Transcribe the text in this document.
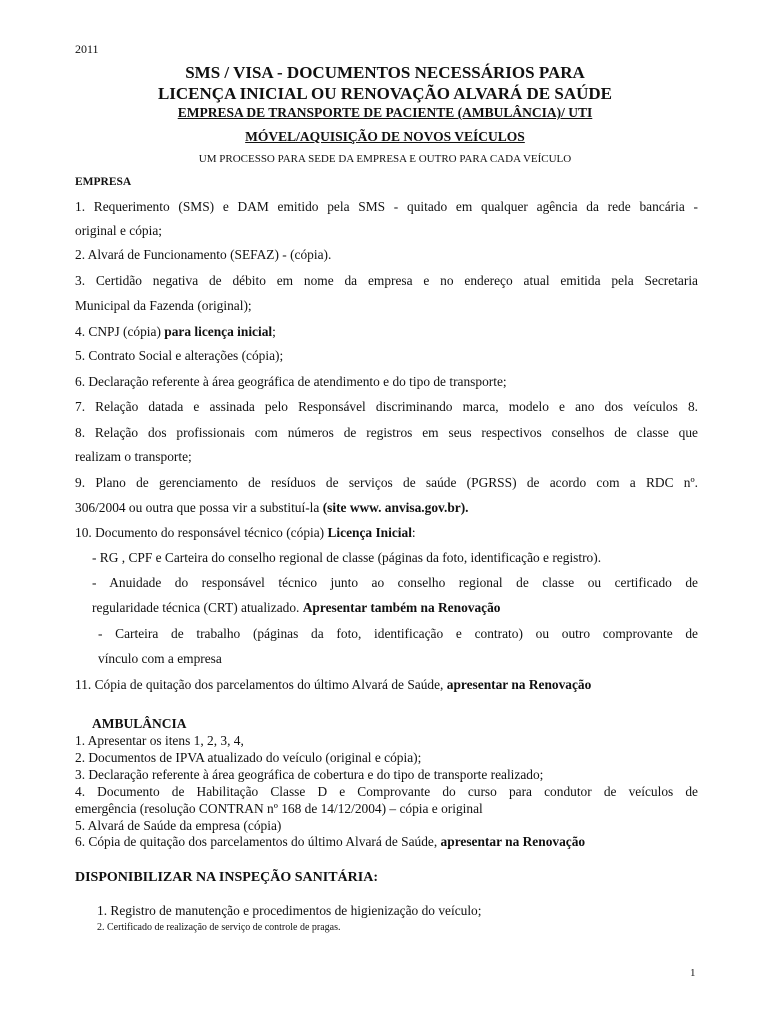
2011
SMS / VISA - DOCUMENTOS NECESSÁRIOS PARA
LICENÇA INICIAL OU RENOVAÇÃO ALVARÁ DE SAÚDE
EMPRESA DE TRANSPORTE DE PACIENTE (AMBULÂNCIA)/ UTI
MÓVEL/AQUISIÇÃO DE NOVOS VEÍCULOS
UM PROCESSO PARA SEDE DA EMPRESA E OUTRO PARA CADA VEÍCULO
EMPRESA
1. Requerimento (SMS) e DAM emitido pela SMS - quitado em qualquer agência da rede bancária -
original e cópia;
2. Alvará de Funcionamento (SEFAZ) - (cópia).
3. Certidão negativa de débito em nome da empresa e no endereço atual emitida pela Secretaria
Municipal da Fazenda (original);
4. CNPJ (cópia) para licença inicial;
5. Contrato Social e alterações (cópia);
6. Declaração referente à área geográfica de atendimento e do tipo de transporte;
7. Relação datada e assinada pelo Responsável discriminando marca, modelo e ano dos veículos 8.
8. Relação dos profissionais com números de registros em seus respectivos conselhos de classe que
realizam o transporte;
9. Plano de gerenciamento de resíduos de serviços de saúde (PGRSS) de acordo com a RDC nº.
306/2004 ou outra que possa vir a substituí-la (site www. anvisa.gov.br).
10. Documento do responsável técnico (cópia) Licença Inicial:
- RG , CPF e Carteira do conselho regional de classe (páginas da foto, identificação e registro).
- Anuidade do responsável técnico junto ao conselho regional de classe ou certificado de
regularidade técnica (CRT) atualizado. Apresentar também na Renovação
- Carteira de trabalho (páginas da foto, identificação e contrato) ou outro comprovante de
vínculo com a empresa
11. Cópia de quitação dos parcelamentos do último Alvará de Saúde, apresentar na Renovação
AMBULÂNCIA
1. Apresentar os itens 1, 2, 3, 4,
2. Documentos de IPVA atualizado do veículo (original e cópia);
3. Declaração referente à área geográfica de cobertura e do tipo de transporte realizado;
4. Documento de Habilitação Classe D e Comprovante do curso para condutor de veículos de
emergência (resolução CONTRAN nº 168 de 14/12/2004) – cópia e original
5. Alvará de Saúde da empresa (cópia)
6. Cópia de quitação dos parcelamentos do último Alvará de Saúde, apresentar na Renovação
DISPONIBILIZAR NA INSPEÇÃO SANITÁRIA:
1. Registro de manutenção e procedimentos de higienização do veículo;
2. Certificado de realização de serviço de controle de pragas.
1
